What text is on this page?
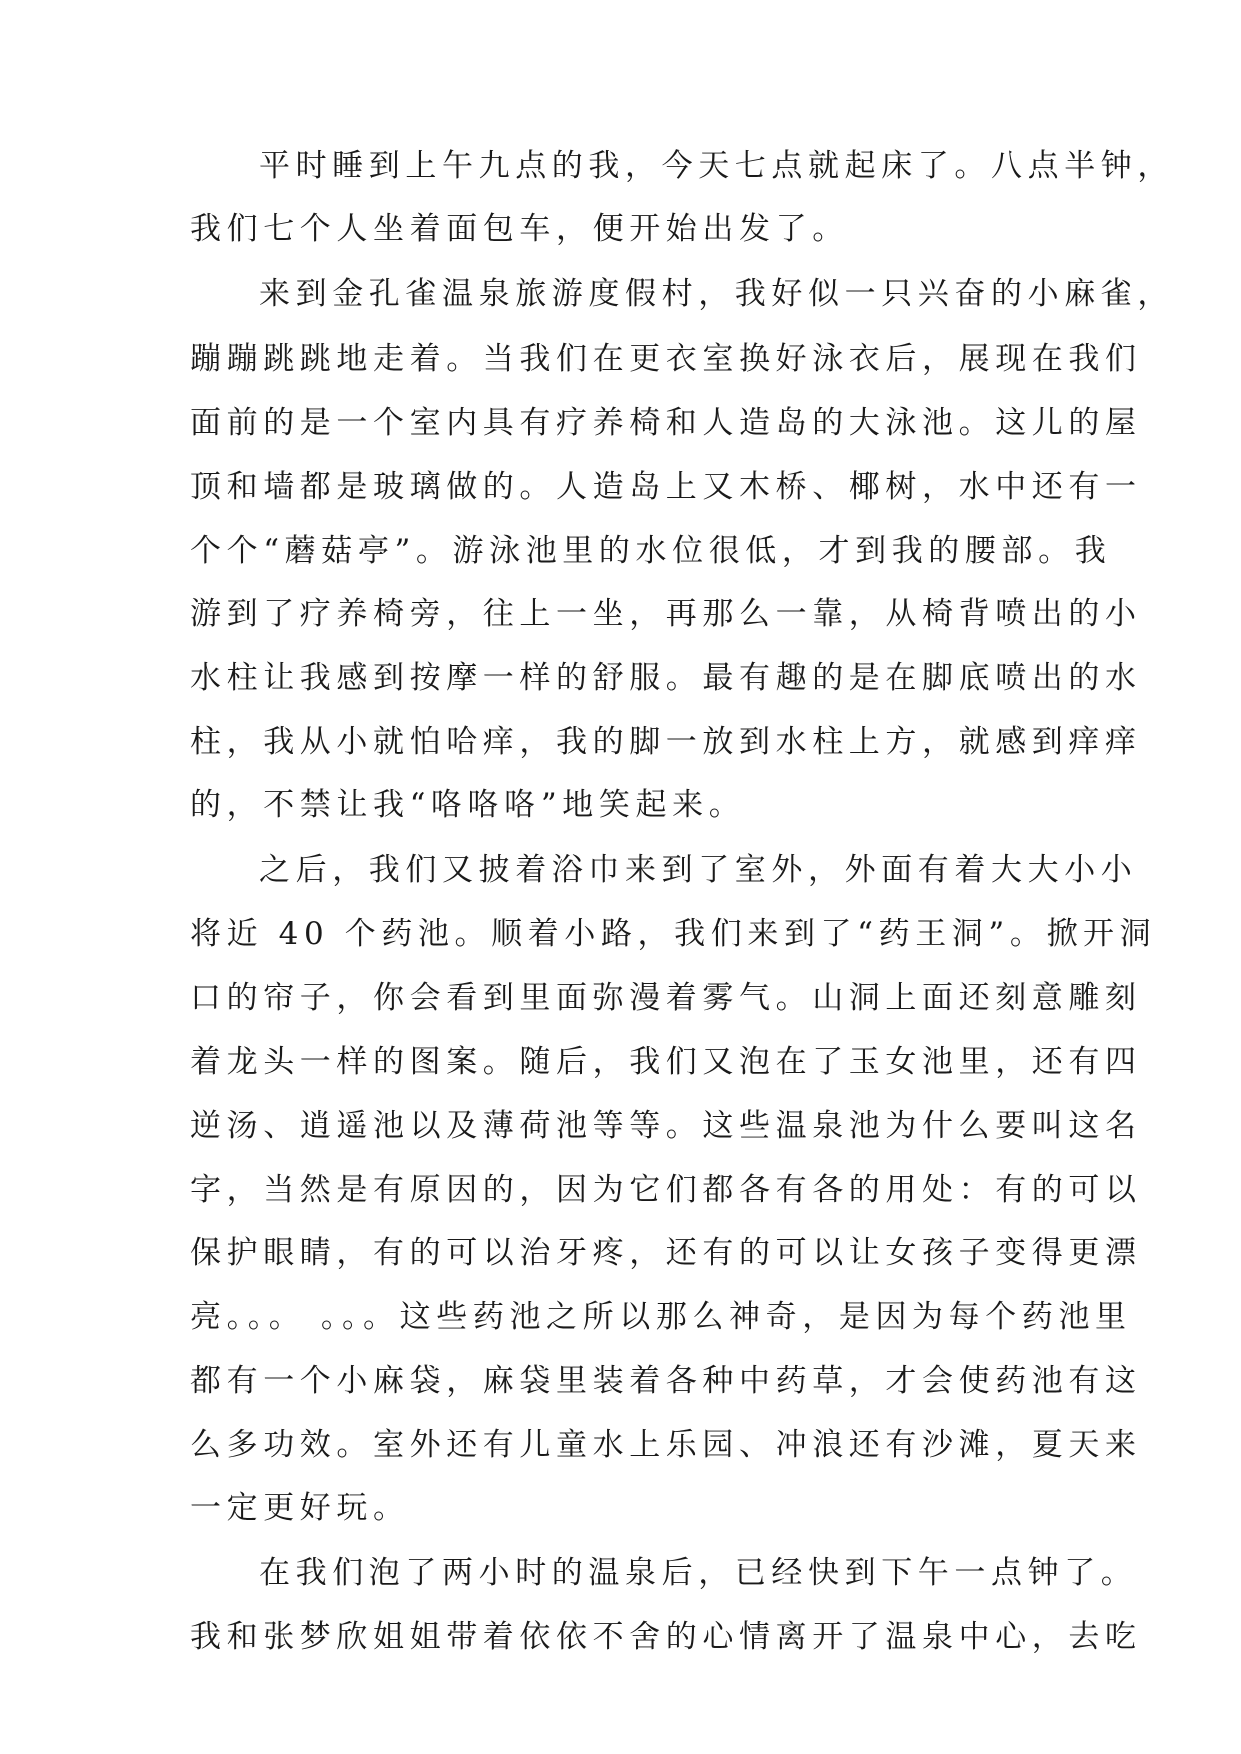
平时睡到上午九点的我，今天七点就起床了。八点半钟，
我们七个人坐着面包车，便开始出发了。
来到金孔雀温泉旅游度假村，我好似一只兴奋的小麻雀，
蹦蹦跳跳地走着。当我们在更衣室换好泳衣后，展现在我们
面前的是一个室内具有疗养椅和人造岛的大泳池。这儿的屋
顶和墙都是玻璃做的。人造岛上又木桥、椰树，水中还有一
个个“蘑菇亭”。游泳池里的水位很低，才到我的腰部。我
游到了疗养椅旁，往上一坐，再那么一靠，从椅背喷出的小
水柱让我感到按摩一样的舒服。最有趣的是在脚底喷出的水
柱，我从小就怕哈痒，我的脚一放到水柱上方，就感到痒痒
的，不禁让我“咯咯咯”地笑起来。
之后，我们又披着浴巾来到了室外，外面有着大大小小
将近 40 个药池。顺着小路，我们来到了“药王洞”。掀开洞
口的帘子，你会看到里面弥漫着雾气。山洞上面还刻意雕刻
着龙头一样的图案。随后，我们又泡在了玉女池里，还有四
逆汤、逍遥池以及薄荷池等等。这些温泉池为什么要叫这名
字，当然是有原因的，因为它们都各有各的用处：有的可以
保护眼睛，有的可以治牙疼，还有的可以让女孩子变得更漂
亮。。。 。。。这些药池之所以那么神奇，是因为每个药池里
都有一个小麻袋，麻袋里装着各种中药草，才会使药池有这
么多功效。室外还有儿童水上乐园、冲浪还有沙滩，夏天来
一定更好玩。
在我们泡了两小时的温泉后，已经快到下午一点钟了。
我和张梦欣姐姐带着依依不舍的心情离开了温泉中心，去吃
